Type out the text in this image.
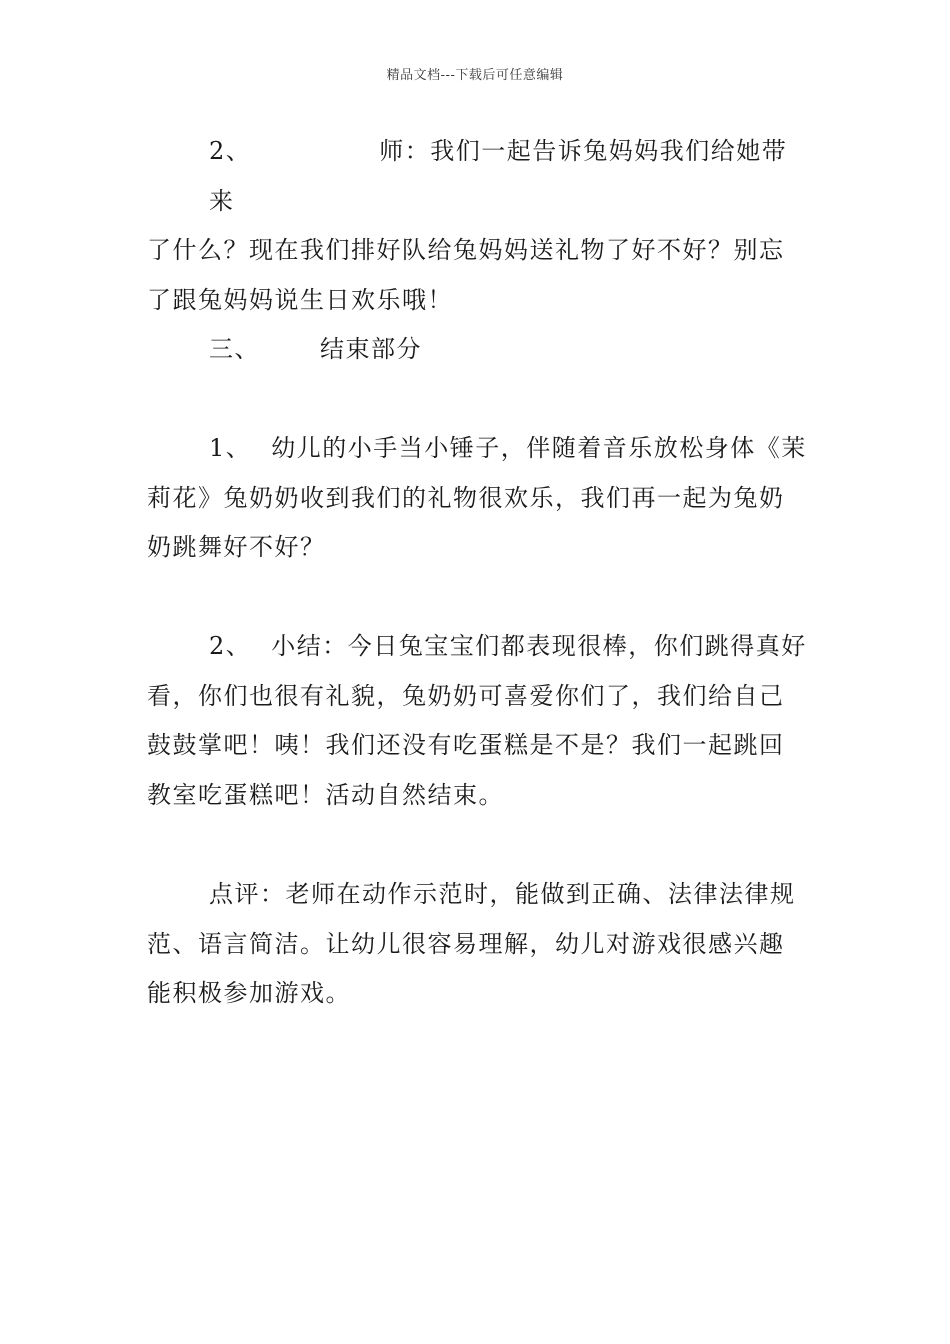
精品文档---下载后可任意编辑
2、	师：我们一起告诉兔妈妈我们给她带来
了什么？现在我们排好队给兔妈妈送礼物了好不好？别忘
了跟兔妈妈说生日欢乐哦！
三、	结束部分
1、 幼儿的小手当小锤子，伴随着音乐放松身体《茉
莉花》兔奶奶收到我们的礼物很欢乐，我们再一起为兔奶
奶跳舞好不好？
2、 小结：今日兔宝宝们都表现很棒，你们跳得真好
看，你们也很有礼貌，兔奶奶可喜爱你们了，我们给自己
鼓鼓掌吧！咦！我们还没有吃蛋糕是不是？我们一起跳回
教室吃蛋糕吧！活动自然结束。
点评：老师在动作示范时，能做到正确、法律法律规
范、语言简洁。让幼儿很容易理解，幼儿对游戏很感兴趣
能积极参加游戏。
